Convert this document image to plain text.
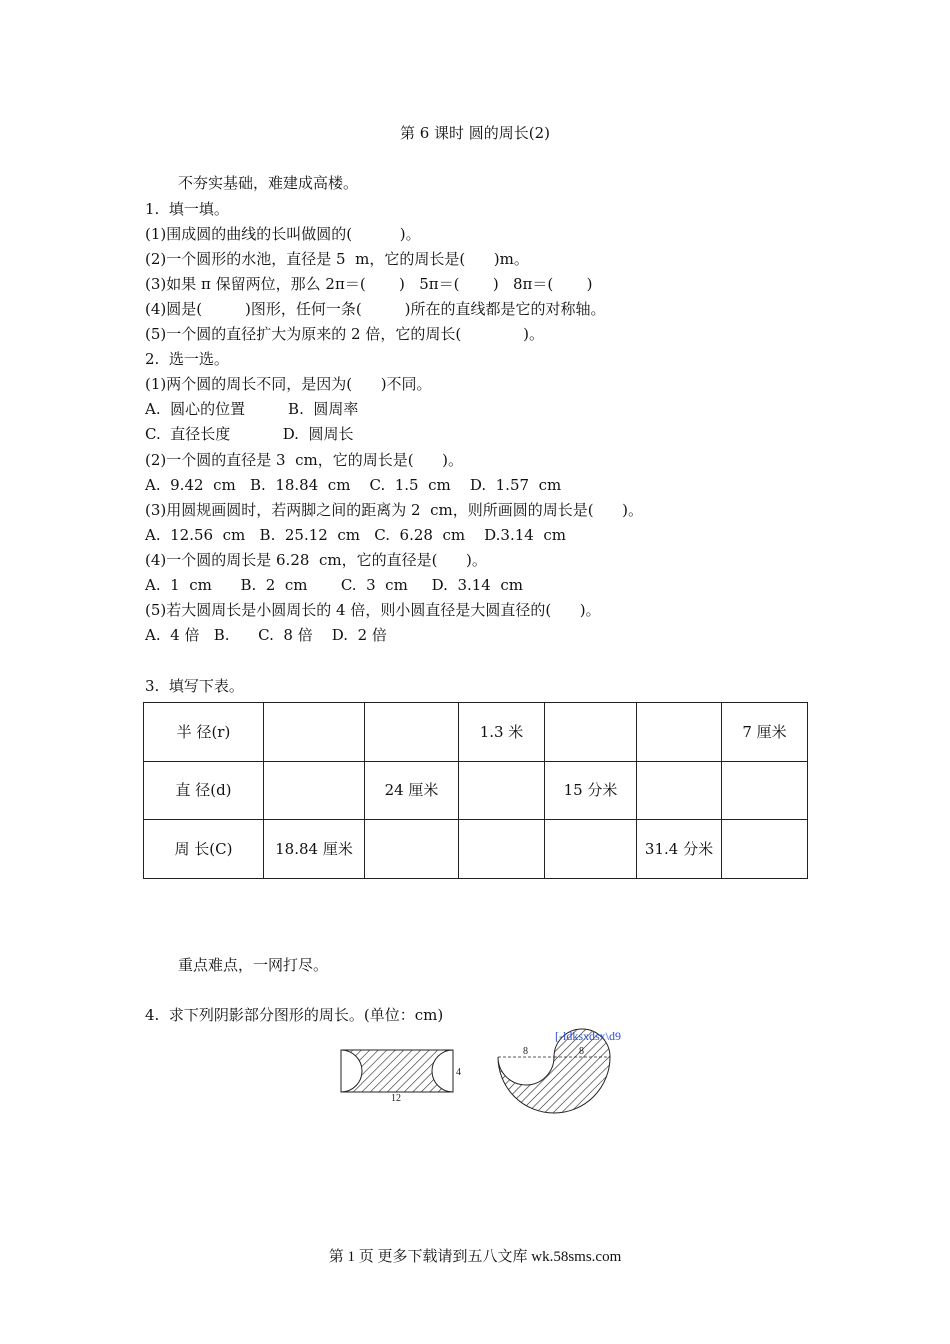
第 6 课时 圆的周长(2)
不夯实基础，难建成高楼。
1.  填一填。
(1)围成圆的曲线的长叫做圆的(          )。
(2)一个圆形的水池，直径是 5  m，它的周长是(      )m。
(3)如果 π 保留两位，那么 2π＝(       )   5π＝(       )   8π＝(       )
(4)圆是(         )图形，任何一条(         )所在的直线都是它的对称轴。
(5)一个圆的直径扩大为原来的 2 倍，它的周长(             )。
2.  选一选。
(1)两个圆的周长不同，是因为(      )不同。
A.  圆心的位置         B.  圆周率
C.  直径长度           D.  圆周长
(2)一个圆的直径是 3  cm，它的周长是(      )。
A.  9.42  cm   B.  18.84  cm    C.  1.5  cm    D.  1.57  cm
(3)用圆规画圆时，若两脚之间的距离为 2  cm，则所画圆的周长是(      )。
A.  12.56  cm   B.  25.12  cm   C.  6.28  cm    D.3.14  cm
(4)一个圆的周长是 6.28  cm，它的直径是(      )。
A.  1  cm      B.  2  cm       C.  3  cm     D.  3.14  cm
(5)若大圆周长是小圆周长的 4 倍，则小圆直径是大圆直径的(      )。
A.  4 倍   B.      C.  8 倍    D.  2 倍
3.  填写下表。
半 径(r)			1.3 米			7 厘米
直 径(d)		24 厘米		15 分米		
周 长(C)	18.84 厘米				31.4 分米	
重点难点，一网打尽。
4.  求下列阴影部分图形的周长。(单位：cm)
4
12
8	8
[-ldksxdsx\d9
第 1 页 更多下载请到五八文库 wk.58sms.com
